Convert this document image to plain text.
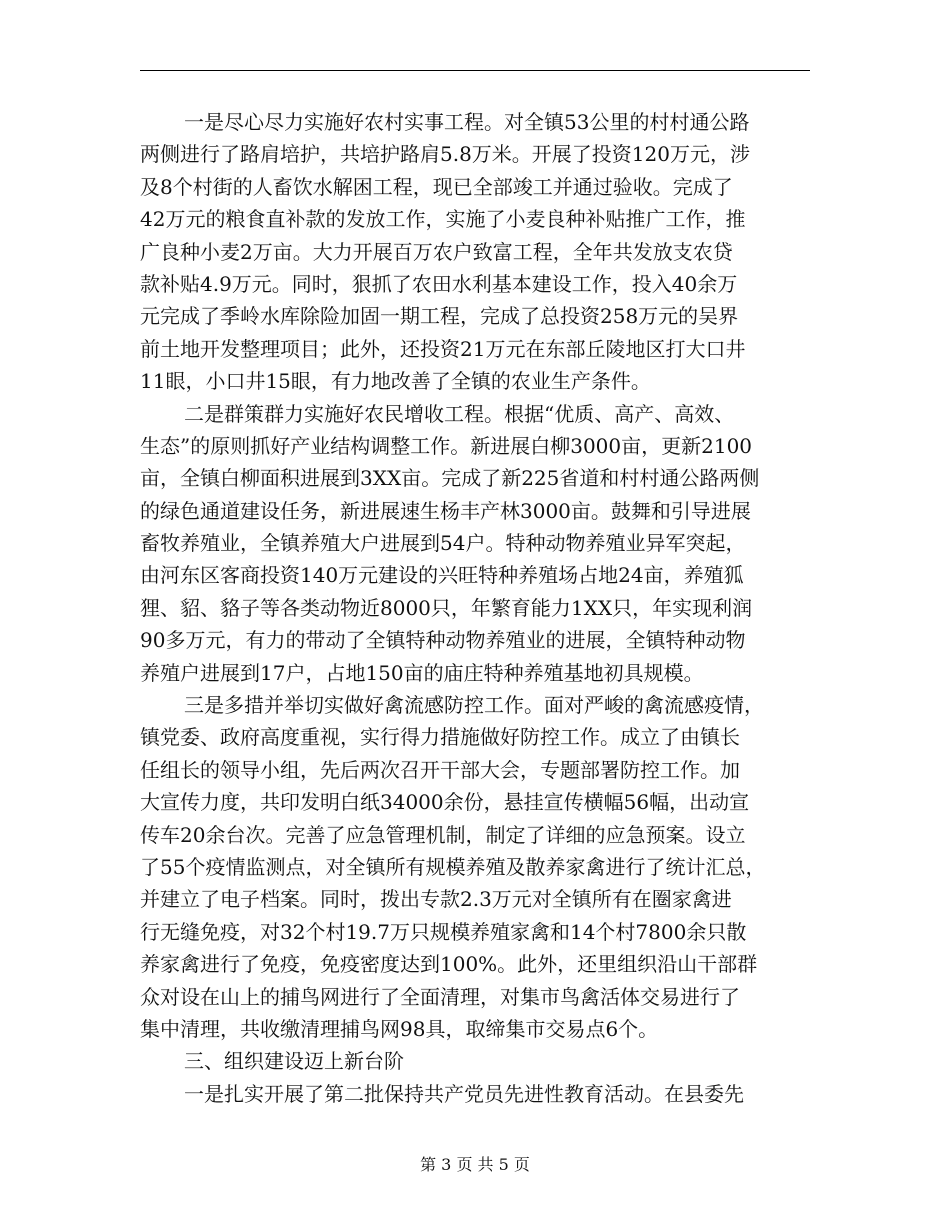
一是尽心尽力实施好农村实事工程。对全镇53公里的村村通公路
两侧进行了路肩培护，共培护路肩5.8万米。开展了投资120万元，涉
及8个村街的人畜饮水解困工程，现已全部竣工并通过验收。完成了
42万元的粮食直补款的发放工作，实施了小麦良种补贴推广工作，推
广良种小麦2万亩。大力开展百万农户致富工程，全年共发放支农贷
款补贴4.9万元。同时，狠抓了农田水利基本建设工作，投入40余万
元完成了季岭水库除险加固一期工程，完成了总投资258万元的吴界
前土地开发整理项目；此外，还投资21万元在东部丘陵地区打大口井
11眼，小口井15眼，有力地改善了全镇的农业生产条件。
二是群策群力实施好农民增收工程。根据“优质、高产、高效、
生态”的原则抓好产业结构调整工作。新进展白柳3000亩，更新2100
亩，全镇白柳面积进展到3XX亩。完成了新225省道和村村通公路两侧
的绿色通道建设任务，新进展速生杨丰产林3000亩。鼓舞和引导进展
畜牧养殖业，全镇养殖大户进展到54户。特种动物养殖业异军突起，
由河东区客商投资140万元建设的兴旺特种养殖场占地24亩，养殖狐
狸、貂、貉子等各类动物近8000只，年繁育能力1XX只，年实现利润
90多万元，有力的带动了全镇特种动物养殖业的进展，全镇特种动物
养殖户进展到17户，占地150亩的庙庄特种养殖基地初具规模。
三是多措并举切实做好禽流感防控工作。面对严峻的禽流感疫情，
镇党委、政府高度重视，实行得力措施做好防控工作。成立了由镇长
任组长的领导小组，先后两次召开干部大会，专题部署防控工作。加
大宣传力度，共印发明白纸34000余份，悬挂宣传横幅56幅，出动宣
传车20余台次。完善了应急管理机制，制定了详细的应急预案。设立
了55个疫情监测点，对全镇所有规模养殖及散养家禽进行了统计汇总，
并建立了电子档案。同时，拨出专款2.3万元对全镇所有在圈家禽进
行无缝免疫，对32个村19.7万只规模养殖家禽和14个村7800余只散
养家禽进行了免疫，免疫密度达到100%。此外，还里组织沿山干部群
众对设在山上的捕鸟网进行了全面清理，对集市鸟禽活体交易进行了
集中清理，共收缴清理捕鸟网98具，取缔集市交易点6个。
三、组织建设迈上新台阶
一是扎实开展了第二批保持共产党员先进性教育活动。在县委先
第 3 页 共 5 页
